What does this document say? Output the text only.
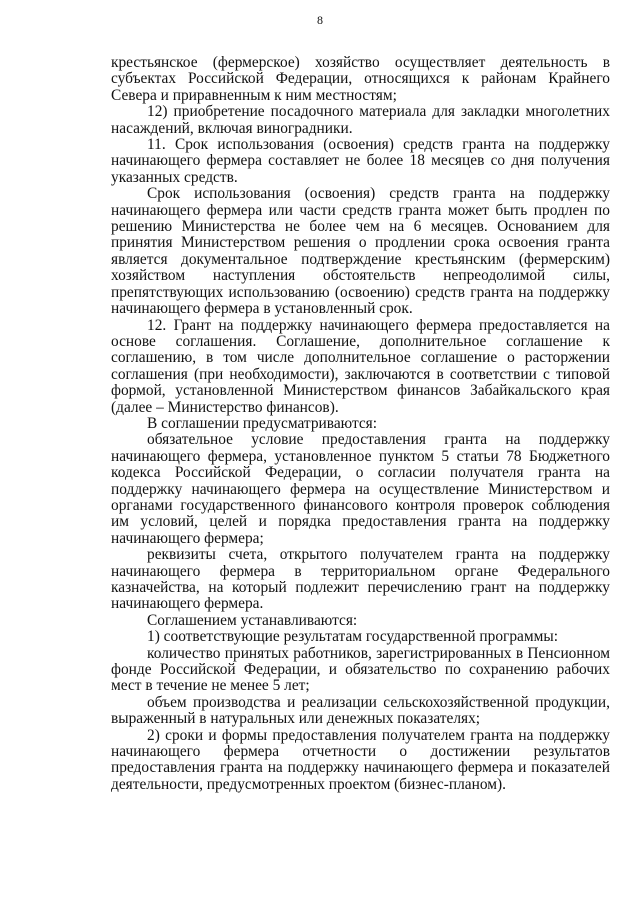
8

крестьянское (фермерское) хозяйство осуществляет деятельность в субъектах Российской Федерации, относящихся к районам Крайнего Севера и приравненным к ним местностям;

12) приобретение посадочного материала для закладки многолетних насаждений, включая виноградники.

11. Срок использования (освоения) средств гранта на поддержку начинающего фермера составляет не более 18 месяцев со дня получения указанных средств.

Срок использования (освоения) средств гранта на поддержку начинающего фермера или части средств гранта может быть продлен по решению Министерства не более чем на 6 месяцев. Основанием для принятия Министерством решения о продлении срока освоения гранта является документальное подтверждение крестьянским (фермерским) хозяйством наступления обстоятельств непреодолимой силы, препятствующих использованию (освоению) средств гранта на поддержку начинающего фермера в установленный срок.

12. Грант на поддержку начинающего фермера предоставляется на основе соглашения. Соглашение, дополнительное соглашение к соглашению, в том числе дополнительное соглашение о расторжении соглашения (при необходимости), заключаются в соответствии с типовой формой, установленной Министерством финансов Забайкальского края (далее – Министерство финансов).

В соглашении предусматриваются:

обязательное условие предоставления гранта на поддержку начинающего фермера, установленное пунктом 5 статьи 78 Бюджетного кодекса Российской Федерации, о согласии получателя гранта на поддержку начинающего фермера на осуществление Министерством и органами государственного финансового контроля проверок соблюдения им условий, целей и порядка предоставления гранта на поддержку начинающего фермера;

реквизиты счета, открытого получателем гранта на поддержку начинающего фермера в территориальном органе Федерального казначейства, на который подлежит перечислению грант на поддержку начинающего фермера.

Соглашением устанавливаются:

1) соответствующие результатам государственной программы:

количество принятых работников, зарегистрированных в Пенсионном фонде Российской Федерации, и обязательство по сохранению рабочих мест в течение не менее 5 лет;

объем производства и реализации сельскохозяйственной продукции, выраженный в натуральных или денежных показателях;

2) сроки и формы предоставления получателем гранта на поддержку начинающего фермера отчетности о достижении результатов предоставления гранта на поддержку начинающего фермера и показателей деятельности, предусмотренных проектом (бизнес-планом).
